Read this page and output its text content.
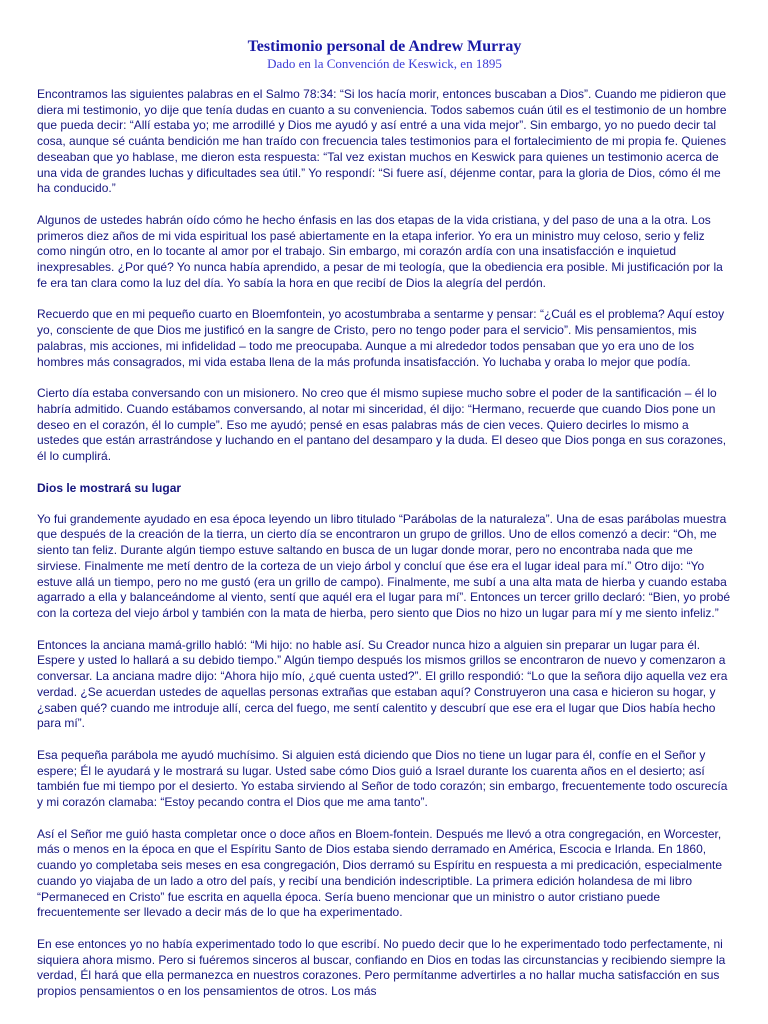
Testimonio personal de Andrew Murray
Dado en la Convención de Keswick, en 1895

Encontramos las siguientes palabras en el Salmo 78:34: “Si los hacía morir, entonces buscaban a Dios”. Cuando me pidieron que diera mi testimonio, yo dije que tenía dudas en cuanto a su conveniencia. Todos sabemos cuán útil es el testimonio de un hombre que pueda decir: “Allí estaba yo; me arrodillé y Dios me ayudó y así entré a una vida mejor”. Sin embargo, yo no puedo decir tal cosa, aunque sé cuánta bendición me han traído con frecuencia tales testimonios para el fortalecimiento de mi propia fe. Quienes deseaban que yo hablase, me dieron esta respuesta: “Tal vez existan muchos en Keswick para quienes un testimonio acerca de una vida de grandes luchas y dificultades sea útil.” Yo respondí: “Si fuere así, déjenme contar, para la gloria de Dios, cómo él me ha conducido.”

Algunos de ustedes habrán oído cómo he hecho énfasis en las dos etapas de la vida cristiana, y del paso de una a la otra. Los primeros diez años de mi vida espiritual los pasé abiertamente en la etapa inferior. Yo era un ministro muy celoso, serio y feliz como ningún otro, en lo tocante al amor por el trabajo. Sin embargo, mi corazón ardía con una insatisfacción e inquietud inexpresables. ¿Por qué? Yo nunca había aprendido, a pesar de mi teología, que la obediencia era posible. Mi justificación por la fe era tan clara como la luz del día. Yo sabía la hora en que recibí de Dios la alegría del perdón.

Recuerdo que en mi pequeño cuarto en Bloemfontein, yo acostumbraba a sentarme y pensar: “¿Cuál es el problema? Aquí estoy yo, consciente de que Dios me justificó en la sangre de Cristo, pero no tengo poder para el servicio”. Mis pensamientos, mis palabras, mis acciones, mi infidelidad – todo me preocupaba. Aunque a mi alrededor todos pensaban que yo era uno de los hombres más consagrados, mi vida estaba llena de la más profunda insatisfacción. Yo luchaba y oraba lo mejor que podía.

Cierto día estaba conversando con un misionero. No creo que él mismo supiese mucho sobre el poder de la santificación – él lo habría admitido. Cuando estábamos conversando, al notar mi sinceridad, él dijo: “Hermano, recuerde que cuando Dios pone un deseo en el corazón, él lo cumple”. Eso me ayudó; pensé en esas palabras más de cien veces. Quiero decirles lo mismo a ustedes que están arrastrándose y luchando en el pantano del desamparo y la duda. El deseo que Dios ponga en sus corazones, él lo cumplirá.

Dios le mostrará su lugar

Yo fui grandemente ayudado en esa época leyendo un libro titulado “Parábolas de la naturaleza”. Una de esas parábolas muestra que después de la creación de la tierra, un cierto día se encontraron un grupo de grillos. Uno de ellos comenzó a decir: “Oh, me siento tan feliz. Durante algún tiempo estuve saltando en busca de un lugar donde morar, pero no encontraba nada que me sirviese. Finalmente me metí dentro de la corteza de un viejo árbol y concluí que ése era el lugar ideal para mí.” Otro dijo: “Yo estuve allá un tiempo, pero no me gustó (era un grillo de campo). Finalmente, me subí a una alta mata de hierba y cuando estaba agarrado a ella y balanceándome al viento, sentí que aquél era el lugar para mí”. Entonces un tercer grillo declaró: “Bien, yo probé con la corteza del viejo árbol y también con la mata de hierba, pero siento que Dios no hizo un lugar para mí y me siento infeliz.”

Entonces la anciana mamá-grillo habló: “Mi hijo: no hable así. Su Creador nunca hizo a alguien sin preparar un lugar para él. Espere y usted lo hallará a su debido tiempo.” Algún tiempo después los mismos grillos se encontraron de nuevo y comenzaron a conversar. La anciana madre dijo: “Ahora hijo mío, ¿qué cuenta usted?”. El grillo respondió: “Lo que la señora dijo aquella vez era verdad. ¿Se acuerdan ustedes de aquellas personas extrañas que estaban aquí? Construyeron una casa e hicieron su hogar, y ¿saben qué? cuando me introduje allí, cerca del fuego, me sentí calentito y descubrí que ese era el lugar que Dios había hecho para mí”.

Esa pequeña parábola me ayudó muchísimo. Si alguien está diciendo que Dios no tiene un lugar para él, confíe en el Señor y espere; Él le ayudará y le mostrará su lugar. Usted sabe cómo Dios guió a Israel durante los cuarenta años en el desierto; así también fue mi tiempo por el desierto. Yo estaba sirviendo al Señor de todo corazón; sin embargo, frecuentemente todo oscurecía y mi corazón clamaba: “Estoy pecando contra el Dios que me ama tanto”.

Así el Señor me guió hasta completar once o doce años en Bloem-fontein. Después me llevó a otra congregación, en Worcester, más o menos en la época en que el Espíritu Santo de Dios estaba siendo derramado en América, Escocia e Irlanda. En 1860, cuando yo completaba seis meses en esa congregación, Dios derramó su Espíritu en respuesta a mi predicación, especialmente cuando yo viajaba de un lado a otro del país, y recibí una bendición indescriptible. La primera edición holandesa de mi libro “Permaneced en Cristo” fue escrita en aquella época. Sería bueno mencionar que un ministro o autor cristiano puede frecuentemente ser llevado a decir más de lo que ha experimentado.

En ese entonces yo no había experimentado todo lo que escribí. No puedo decir que lo he experimentado todo perfectamente, ni siquiera ahora mismo. Pero si fuéremos sinceros al buscar, confiando en Dios en todas las circunstancias y recibiendo siempre la verdad, Él hará que ella permanezca en nuestros corazones. Pero permítanme advertirles a no hallar mucha satisfacción en sus propios pensamientos o en los pensamientos de otros. Los más
